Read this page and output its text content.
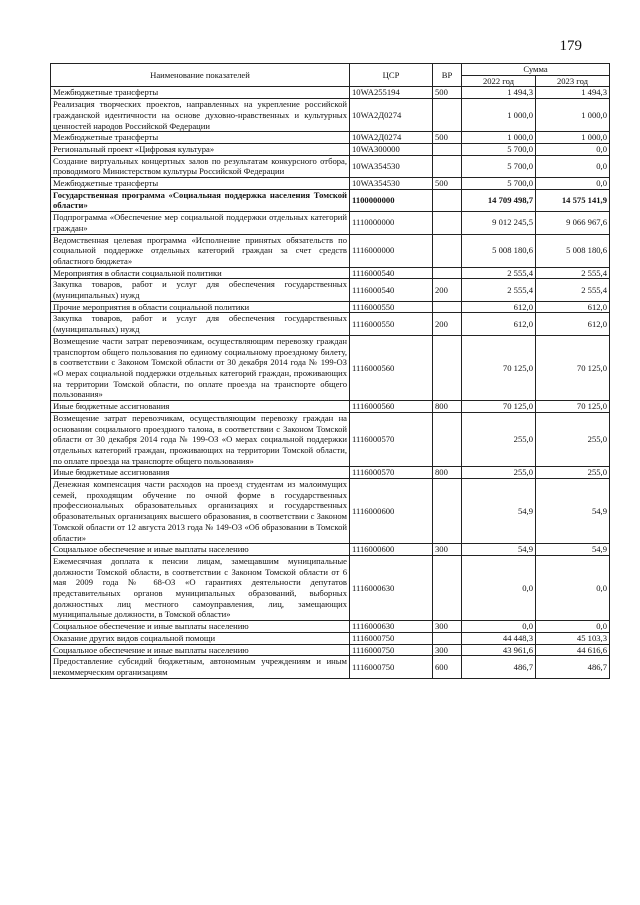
179
Наименование показателей	ЦСР	ВР	Сумма	
			2022 год	2023 год
Межбюджетные трансферты	10WA255194	500	1 494,3	1 494,3
Реализация творческих проектов, направленных на укрепление российской гражданской идентичности на основе духовно-нравственных и культурных ценностей народов Российской Федерации	10WA2Д0274		1 000,0	1 000,0
Межбюджетные трансферты	10WA2Д0274	500	1 000,0	1 000,0
Региональный проект «Цифровая культура»	10WA300000		5 700,0	0,0
Создание виртуальных концертных залов по результатам конкурсного отбора, проводимого Министерством культуры Российской Федерации	10WA354530		5 700,0	0,0
Межбюджетные трансферты	10WA354530	500	5 700,0	0,0
Государственная программа «Социальная поддержка населения Томской области»	1100000000		14 709 498,7	14 575 141,9
Подпрограмма «Обеспечение мер социальной поддержки отдельных категорий граждан»	1110000000		9 012 245,5	9 066 967,6
Ведомственная целевая программа «Исполнение принятых обязательств по социальной поддержке отдельных категорий граждан за счет средств областного бюджета»	1116000000		5 008 180,6	5 008 180,6
Мероприятия в области социальной политики	1116000540		2 555,4	2 555,4
Закупка товаров, работ и услуг для обеспечения государственных (муниципальных) нужд	1116000540	200	2 555,4	2 555,4
Прочие мероприятия в области социальной политики	1116000550		612,0	612,0
Закупка товаров, работ и услуг для обеспечения государственных (муниципальных) нужд	1116000550	200	612,0	612,0
Возмещение части затрат перевозчикам, осуществляющим перевозку граждан транспортом общего пользования по единому социальному проездному билету, в соответствии с Законом Томской области от 30 декабря 2014 года № 199-ОЗ «О мерах социальной поддержки отдельных категорий граждан, проживающих на территории Томской области, по оплате проезда на транспорте общего пользования»	1116000560		70 125,0	70 125,0
Иные бюджетные ассигнования	1116000560	800	70 125,0	70 125,0
Возмещение затрат перевозчикам, осуществляющим перевозку граждан на основании социального проездного талона, в соответствии с Законом Томской области от 30 декабря 2014 года № 199-ОЗ «О мерах социальной поддержки отдельных категорий граждан, проживающих на территории Томской области, по оплате проезда на транспорте общего пользования»	1116000570		255,0	255,0
Иные бюджетные ассигнования	1116000570	800	255,0	255,0
Денежная компенсация части расходов на проезд студентам из малоимущих семей, проходящим обучение по очной форме в государственных профессиональных образовательных организациях и государственных образовательных организациях высшего образования, в соответствии с Законом Томской области от 12 августа 2013 года № 149-ОЗ «Об образовании в Томской области»	1116000600		54,9	54,9
Социальное обеспечение и иные выплаты населению	1116000600	300	54,9	54,9
Ежемесячная доплата к пенсии лицам, замещавшим муниципальные должности Томской области, в соответствии с Законом Томской области от 6 мая 2009 года № 68-ОЗ «О гарантиях деятельности депутатов представительных органов муниципальных образований, выборных должностных лиц местного самоуправления, лиц, замещающих муниципальные должности, в Томской области»	1116000630		0,0	0,0
Социальное обеспечение и иные выплаты населению	1116000630	300	0,0	0,0
Оказание других видов социальной помощи	1116000750		44 448,3	45 103,3
Социальное обеспечение и иные выплаты населению	1116000750	300	43 961,6	44 616,6
Предоставление субсидий бюджетным, автономным учреждениям и иным некоммерческим организациям	1116000750	600	486,7	486,7
